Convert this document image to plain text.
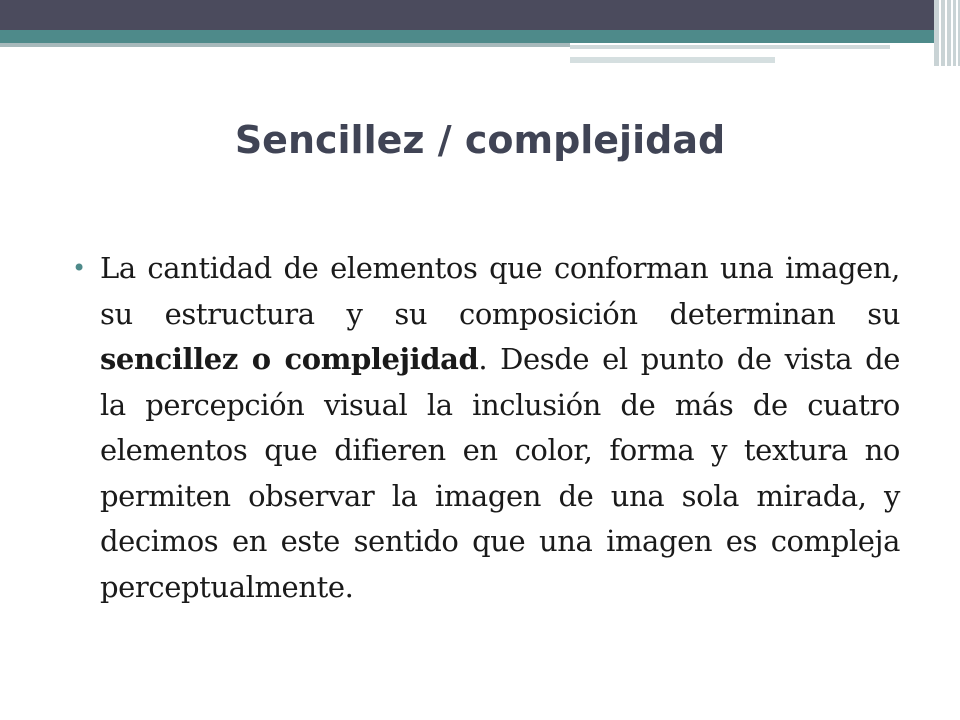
Sencillez / complejidad
• La cantidad de elementos que conforman una imagen, su estructura y su composición determinan su sencillez o complejidad. Desde el punto de vista de la percepción visual la inclusión de más de cuatro elementos que difieren en color, forma y textura no permiten observar la imagen de una sola mirada, y decimos en este sentido que una imagen es compleja perceptualmente.
